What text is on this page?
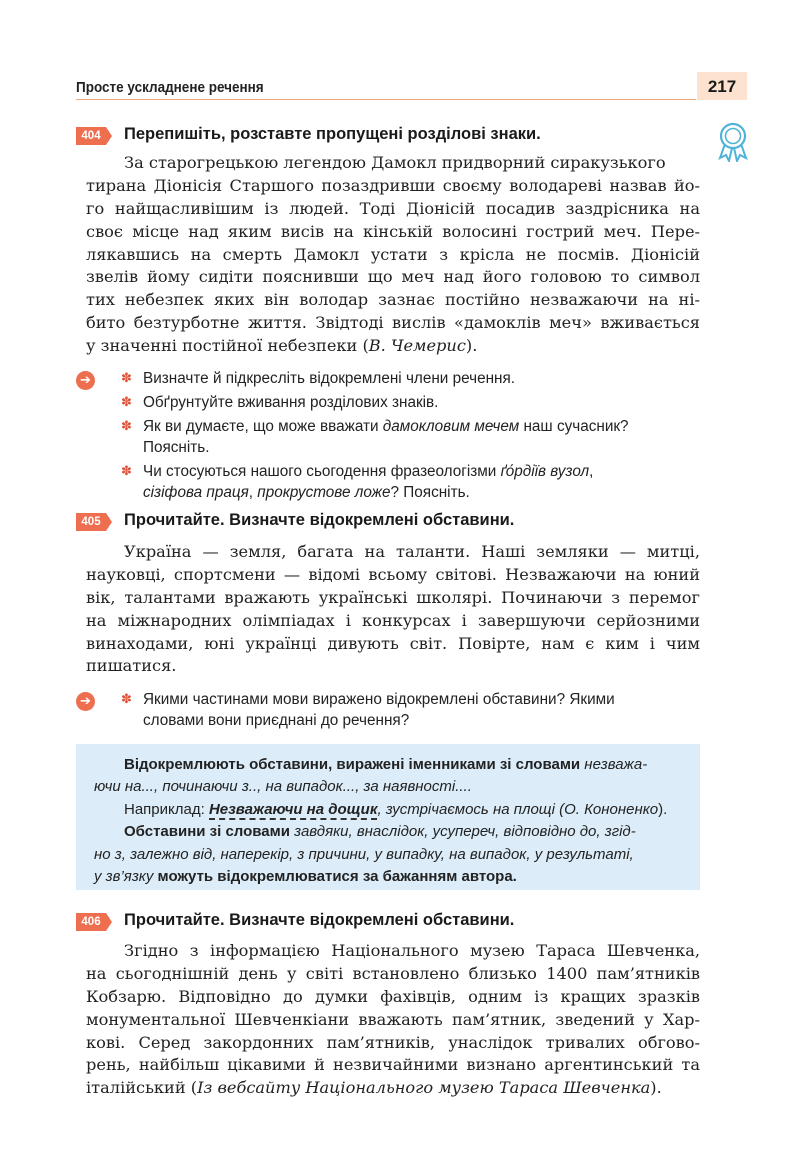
Просте ускладнене речення	217
404	Перепишіть, розставте пропущені розділові знаки.
За старогрецькою легендою Дамокл придворний сиракузького
тирана Діонісія Старшого позаздривши своєму володареві назвав йо-
го найщасливішим із людей. Тоді Діонісій посадив заздрісника на
своє місце над яким висів на кінській волосині гострий меч. Пере-
лякавшись на смерть Дамокл устати з крісла не посмів. Діонісій
звелів йому сидіти пояснивши що меч над його головою то символ
тих небезпек яких він володар зазнає постійно незважаючи на ні-
бито безтурботне життя. Звідтоді вислів «дамоклів меч» вживається
у значенні постійної небезпеки (В. Чемерис).
➔	✽ Визначте й підкресліть відокремлені члени речення.
✽ Обґрунтуйте вживання розділових знаків.
✽ Як ви думаєте, що може вважати дамокловим мечем наш сучасник?
Поясніть.
✽ Чи стосуються нашого сьогодення фразеологізми ґо́рдіїв вузол,
сізіфова праця, прокрустове ложе? Поясніть.
405	Прочитайте. Визначте відокремлені обставини.
Україна — земля, багата на таланти. Наші земляки — митці,
науковці, спортсмени — відомі всьому світові. Незважаючи на юний
вік, талантами вражають українські школярі. Починаючи з перемог
на міжнародних олімпіадах і конкурсах і завершуючи серйозними
винаходами, юні українці дивують світ. Повірте, нам є ким і чим
пишатися.
➔	✽ Якими частинами мови виражено відокремлені обставини? Якими
словами вони приєднані до речення?
Відокремлюють обставини, виражені іменниками зі словами незважа-
ючи на..., починаючи з.., на випадок..., за наявності....
Наприклад: Незважаючи на дощик, зустрічаємось на площі (О. Кононенко).
Обставини зі словами завдяки, внаслідок, усупереч, відповідно до, згід-
но з, залежно від, наперекір, з причини, у випадку, на випадок, у результаті,
у зв’язку можуть відокремлюватися за бажанням автора.
406	Прочитайте. Визначте відокремлені обставини.
Згідно з інформацією Національного музею Тараса Шевченка,
на сьогоднішній день у світі встановлено близько 1400 пам’ятників
Кобзарю. Відповідно до думки фахівців, одним із кращих зразків
монументальної Шевченкіани вважають пам’ятник, зведений у Хар-
кові. Серед закордонних пам’ятників, унаслідок тривалих обгово-
рень, найбільш цікавими й незвичайними визнано аргентинський та
італійський (Із вебсайту Національного музею Тараса Шевченка).
